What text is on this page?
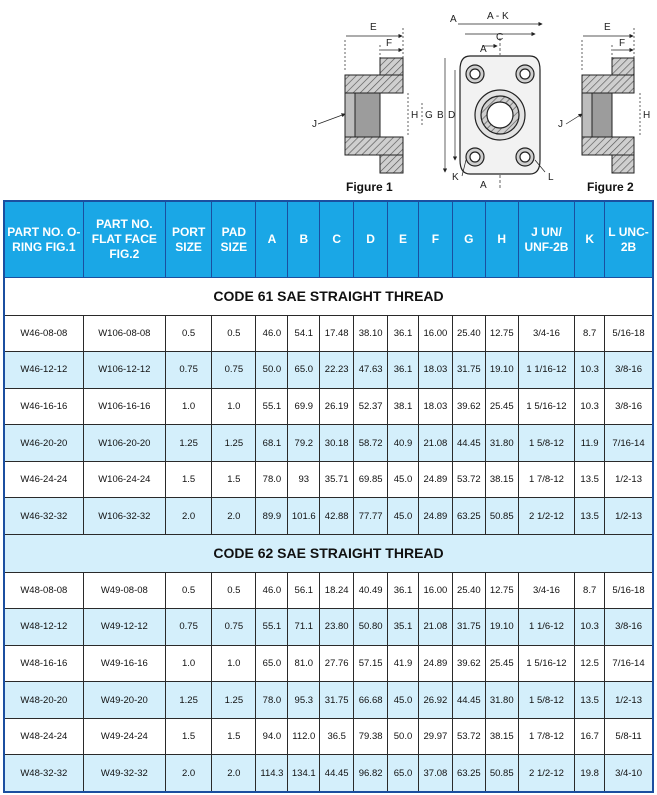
E
F
J
H G
A - K
A
C
A
B D
K	L
A
E
F
J
H
Figure 1	Figure 2
PART NO. O-RING FIG.1	PART NO. FLAT FACE FIG.2	PORT SIZE	PAD SIZE	A	B	C	D	E	F	G	H	J UN/ UNF-2B	K	L UNC-2B
CODE 61 SAE STRAIGHT THREAD														
W46-08-08	W106-08-08	0.5	0.5	46.0	54.1	17.48	38.10	36.1	16.00	25.40	12.75	3/4-16	8.7	5/16-18
W46-12-12	W106-12-12	0.75	0.75	50.0	65.0	22.23	47.63	36.1	18.03	31.75	19.10	1 1/16-12	10.3	3/8-16
W46-16-16	W106-16-16	1.0	1.0	55.1	69.9	26.19	52.37	38.1	18.03	39.62	25.45	1 5/16-12	10.3	3/8-16
W46-20-20	W106-20-20	1.25	1.25	68.1	79.2	30.18	58.72	40.9	21.08	44.45	31.80	1 5/8-12	11.9	7/16-14
W46-24-24	W106-24-24	1.5	1.5	78.0	93	35.71	69.85	45.0	24.89	53.72	38.15	1 7/8-12	13.5	1/2-13
W46-32-32	W106-32-32	2.0	2.0	89.9	101.6	42.88	77.77	45.0	24.89	63.25	50.85	2 1/2-12	13.5	1/2-13
CODE 62 SAE STRAIGHT THREAD														
W48-08-08	W49-08-08	0.5	0.5	46.0	56.1	18.24	40.49	36.1	16.00	25.40	12.75	3/4-16	8.7	5/16-18
W48-12-12	W49-12-12	0.75	0.75	55.1	71.1	23.80	50.80	35.1	21.08	31.75	19.10	1 1/6-12	10.3	3/8-16
W48-16-16	W49-16-16	1.0	1.0	65.0	81.0	27.76	57.15	41.9	24.89	39.62	25.45	1 5/16-12	12.5	7/16-14
W48-20-20	W49-20-20	1.25	1.25	78.0	95.3	31.75	66.68	45.0	26.92	44.45	31.80	1 5/8-12	13.5	1/2-13
W48-24-24	W49-24-24	1.5	1.5	94.0	112.0	36.5	79.38	50.0	29.97	53.72	38.15	1 7/8-12	16.7	5/8-11
W48-32-32	W49-32-32	2.0	2.0	114.3	134.1	44.45	96.82	65.0	37.08	63.25	50.85	2 1/2-12	19.8	3/4-10
